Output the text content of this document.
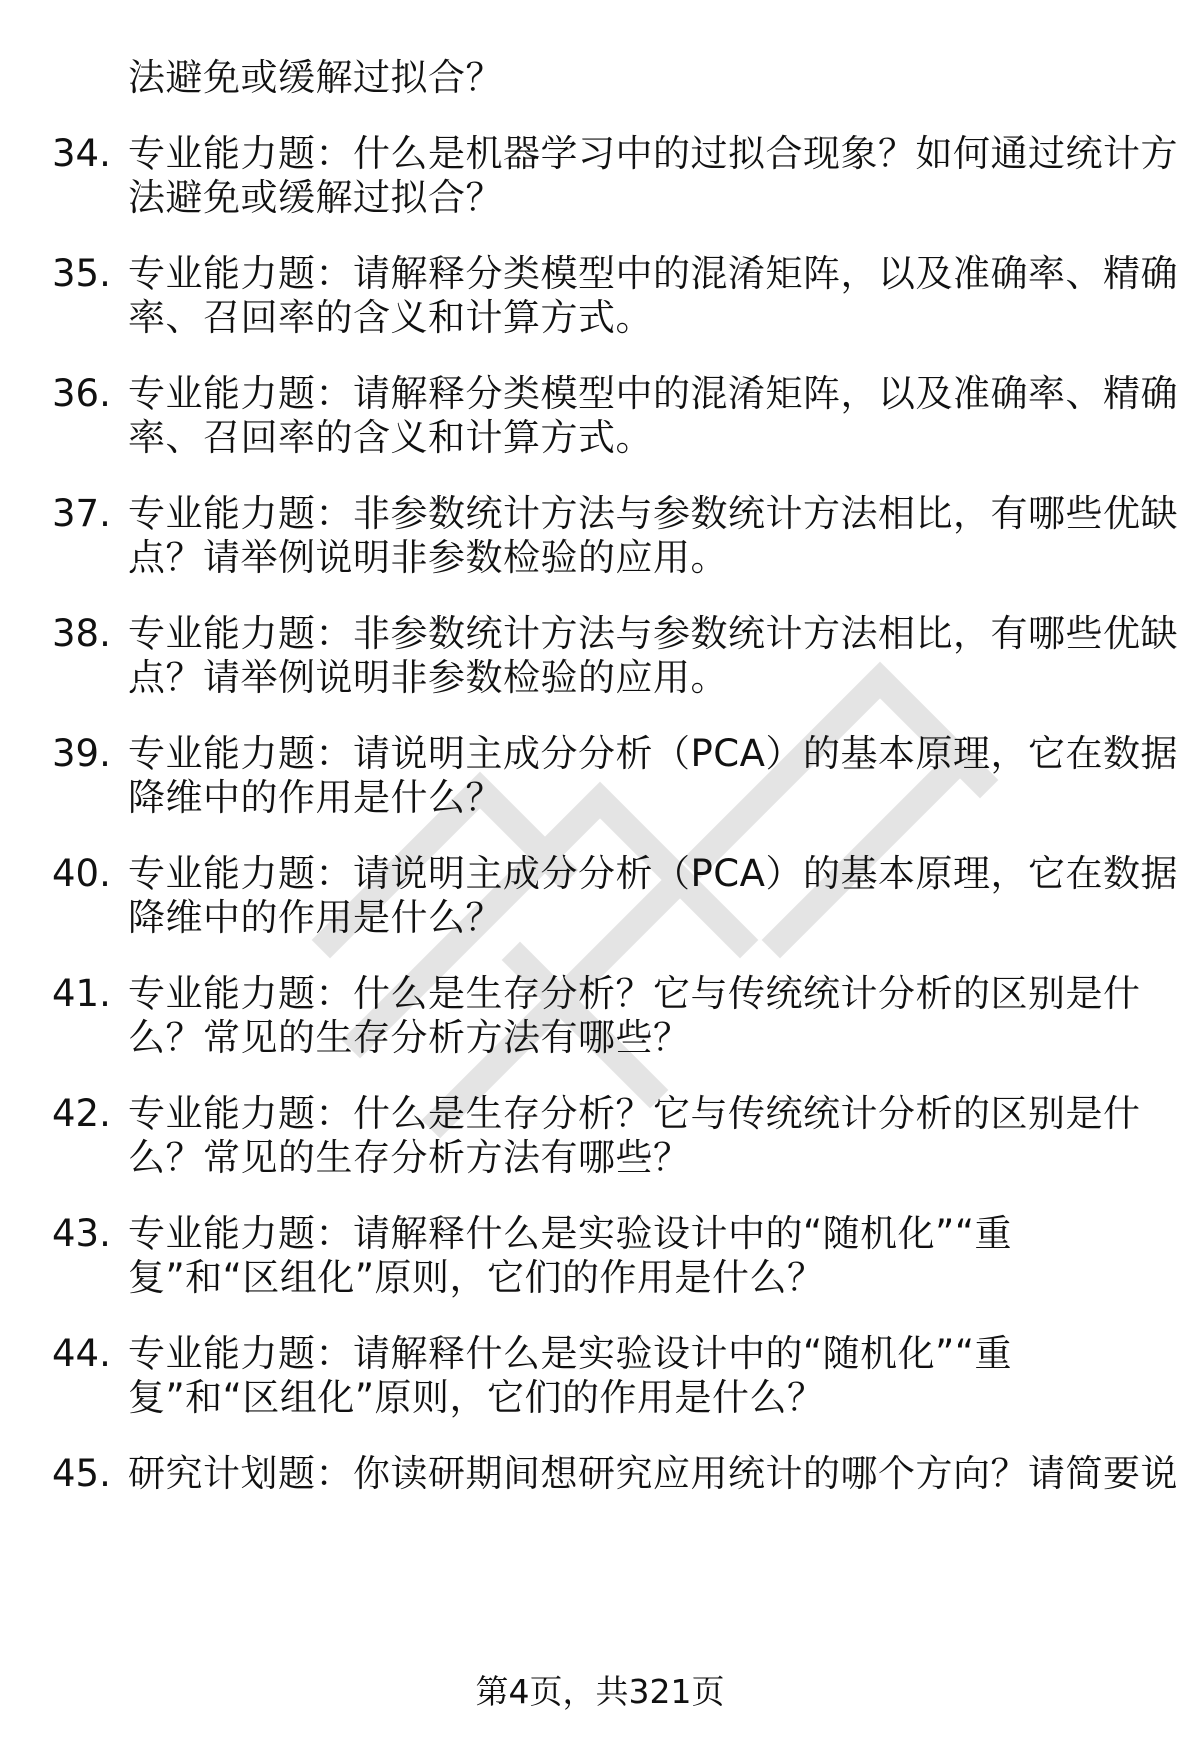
法避免或缓解过拟合？
34. 专业能力题：什么是机器学习中的过拟合现象？如何通过统计方
法避免或缓解过拟合？
35. 专业能力题：请解释分类模型中的混淆矩阵，以及准确率、精确
率、召回率的含义和计算方式。
36. 专业能力题：请解释分类模型中的混淆矩阵，以及准确率、精确
率、召回率的含义和计算方式。
37. 专业能力题：非参数统计方法与参数统计方法相比，有哪些优缺
点？请举例说明非参数检验的应用。
38. 专业能力题：非参数统计方法与参数统计方法相比，有哪些优缺
点？请举例说明非参数检验的应用。
39. 专业能力题：请说明主成分分析（PCA）的基本原理，它在数据
降维中的作用是什么？
40. 专业能力题：请说明主成分分析（PCA）的基本原理，它在数据
降维中的作用是什么？
41. 专业能力题：什么是生存分析？它与传统统计分析的区别是什
么？常见的生存分析方法有哪些？
42. 专业能力题：什么是生存分析？它与传统统计分析的区别是什
么？常见的生存分析方法有哪些？
43. 专业能力题：请解释什么是实验设计中的“随机化”“重
复”和“区组化”原则，它们的作用是什么？
44. 专业能力题：请解释什么是实验设计中的“随机化”“重
复”和“区组化”原则，它们的作用是什么？
45. 研究计划题：你读研期间想研究应用统计的哪个方向？请简要说
第4页，共321页
